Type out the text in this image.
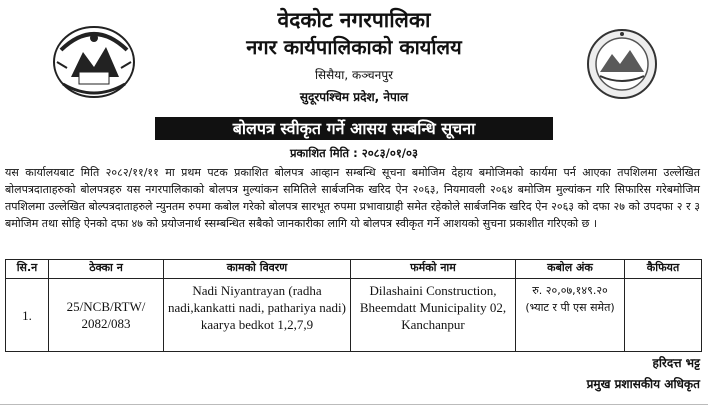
वेदकोट नगरपालिका
नगर कार्यपालिकाको कार्यालय
सिसैया, कञ्चनपुर
सुदूरपश्चिम प्रदेश, नेपाल
बोलपत्र स्वीकृत गर्ने आसय सम्बन्धि सूचना
प्रकाशित मिति : २०८३/०१/०३
यस कार्यालयबाट मिति २०८२/११/११ मा प्रथम पटक प्रकाशित बोलपत्र आव्हान सम्बन्धि सूचना बमोजिम देहाय बमोजिमको कार्यमा पर्न आएका तपशिलमा उल्लेखित बोलपत्रदाताहरुको बोलपत्रहरु यस नगरपालिकाको बोलपत्र मुल्यांकन समितिले सार्बजनिक खरिद ऐन २०६३, नियमावली २०६४ बमोजिम मुल्यांकन गरि सिफारिस गरेबमोजिम तपशिलमा उल्लेखित बोल्पत्रदाताहरुले न्युनतम रुपमा कबोल गरेको बोलपत्र सारभूत रुपमा प्रभावाग्राही समेत रहेकोले सार्बजनिक खरिद ऐन २०६३ को दफा २७ को उपदफा २ र ३ बमोजिम तथा सोहि ऐनको दफा ४७ को प्रयोजनार्थ स्सम्बन्धित सबैको जानकारीका लागि यो बोलपत्र स्वीकृत गर्ने आशयको सुचना प्रकाशीत गरिएको छ ।
सि.न	ठेक्का न	कामको विवरण	फर्मको नाम	कबोल अंक	कैफियत
1.	25/NCB/RTW/ 2082/083	Nadi Niyantrayan (radha nadi,kankatti nadi, pathariya nadi) kaarya bedkot 1,2,7,9	Dilashaini Construction, Bheemdatt Municipality 02, Kanchanpur	रु. २०,०७,१४९.२० (भ्याट र पी एस समेत)	
हरिदत्त भट्ट
प्रमुख प्रशासकीय अधिकृत
